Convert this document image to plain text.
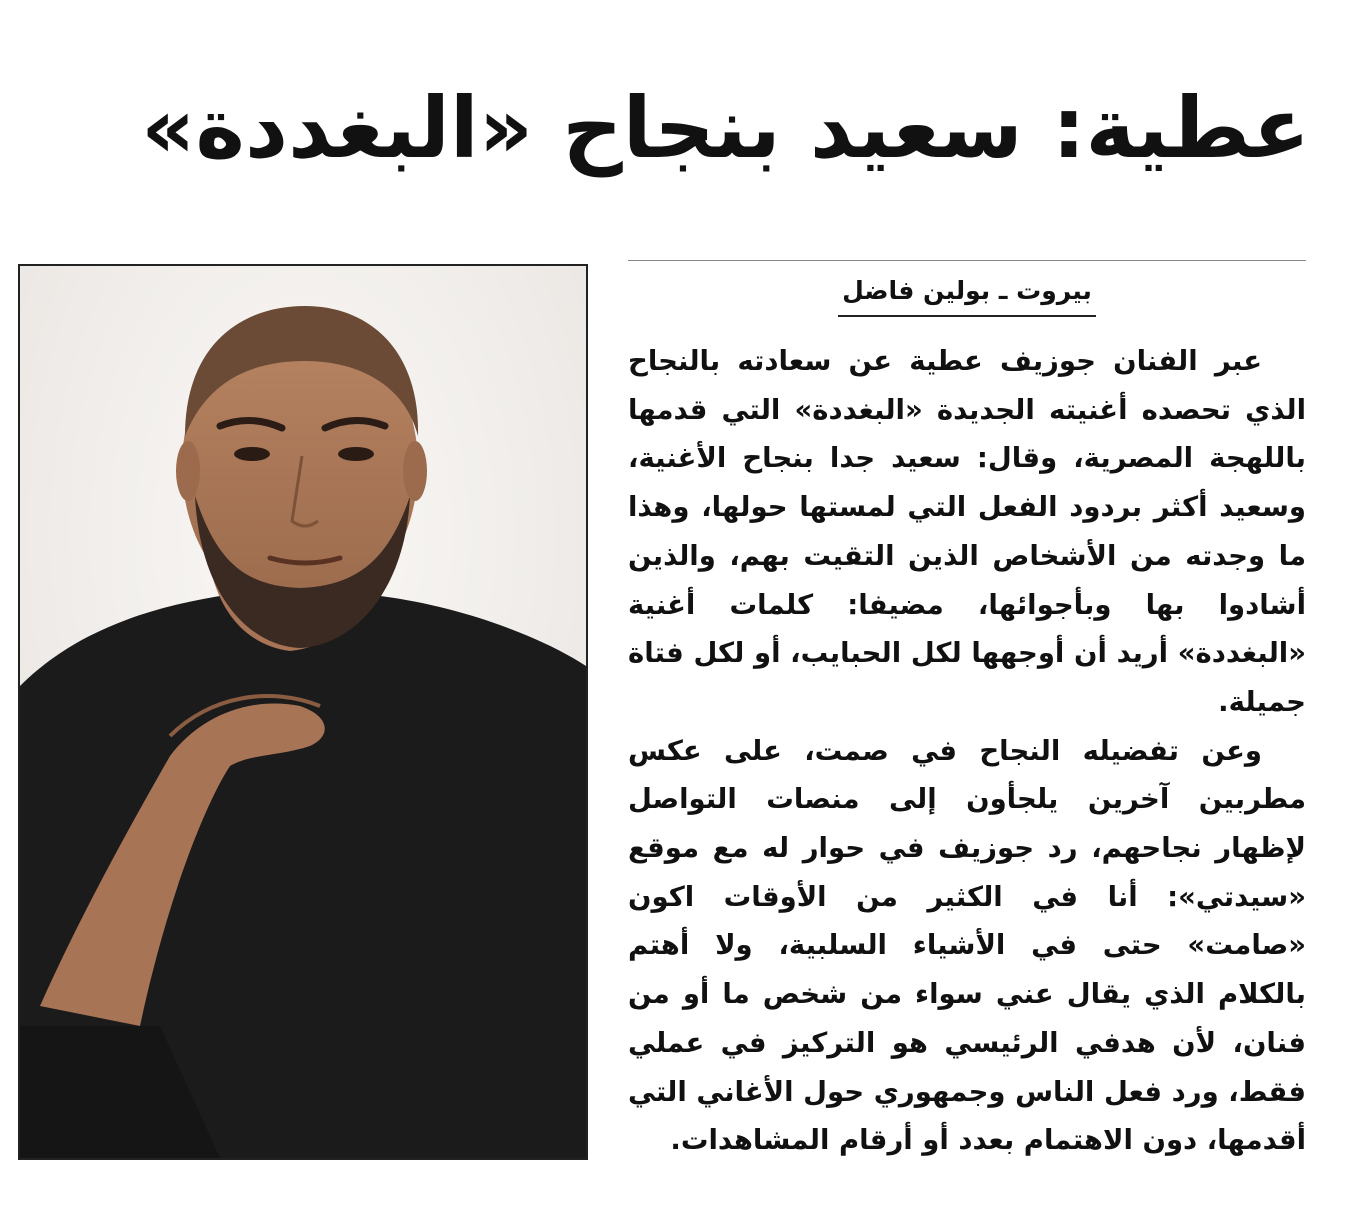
عطية: سعيد بنجاح «البغددة»
بيروت ـ بولين فاضل

عبر الفنان جوزيف عطية عن سعادته بالنجاح الذي تحصده أغنيته الجديدة «البغددة» التي قدمها باللهجة المصرية، وقال: سعيد جدا بنجاح الأغنية، وسعيد أكثر بردود الفعل التي لمستها حولها، وهذا ما وجدته من الأشخاص الذين التقيت بهم، والذين أشادوا بها وبأجوائها، مضيفا: كلمات أغنية «البغددة» أريد أن أوجهها لكل الحبايب، أو لكل فتاة جميلة.

وعن تفضيله النجاح في صمت، على عكس مطربين آخرين يلجأون إلى منصات التواصل لإظهار نجاحهم، رد جوزيف في حوار له مع موقع «سيدتي»: أنا في الكثير من الأوقات اكون «صامت» حتى في الأشياء السلبية، ولا أهتم بالكلام الذي يقال عني سواء من شخص ما أو من فنان، لأن هدفي الرئيسي هو التركيز في عملي فقط، ورد فعل الناس وجمهوري حول الأغاني التي أقدمها، دون الاهتمام بعدد أو أرقام المشاهدات.
